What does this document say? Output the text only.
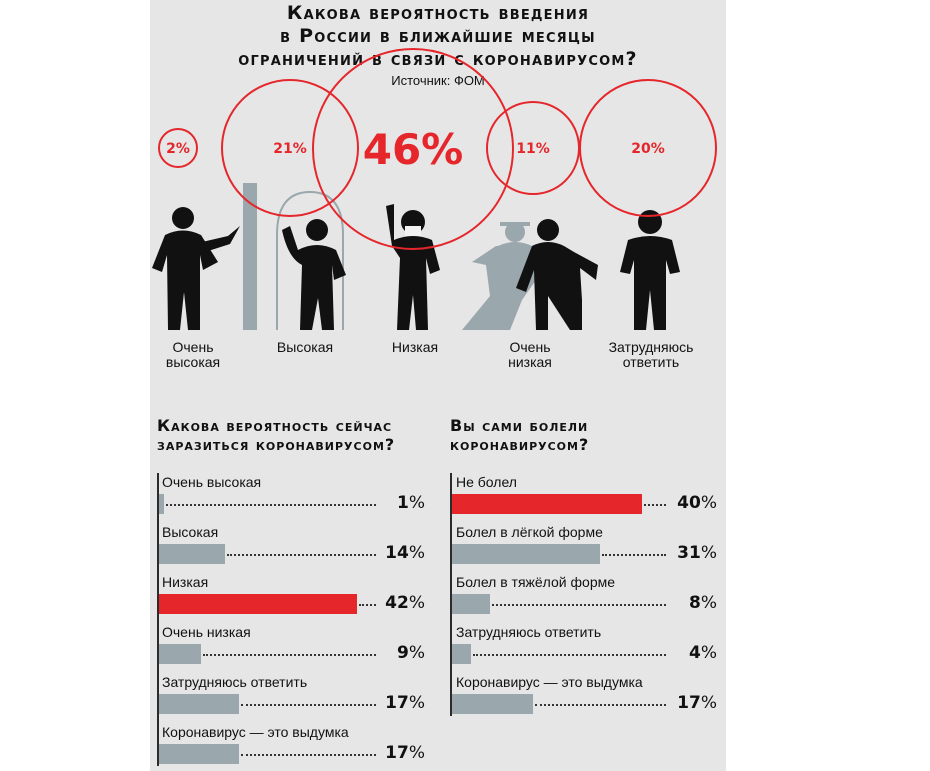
Какова вероятность введения
в России в ближайшие месяцы
ограничений в связи с коронавирусом?
Источник: ФОМ
2%	21% 46%	11%	20%
Очень
высокая
Высокая	Низкая	Очень
низкая
Затрудняюсь
ответить
Какова вероятность сейчас заразиться коронавирусом?
Вы сами болели коронавирусом?
Очень высокая
1%
Высокая
14%
Низкая
42%
Очень низкая
9%
Затрудняюсь ответить
17%
Коронавирус — это выдумка
17%
Не болел
40%
Болел в лёгкой форме
31%
Болел в тяжёлой форме
8%
Затрудняюсь ответить
4%
Коронавирус — это выдумка
17%
